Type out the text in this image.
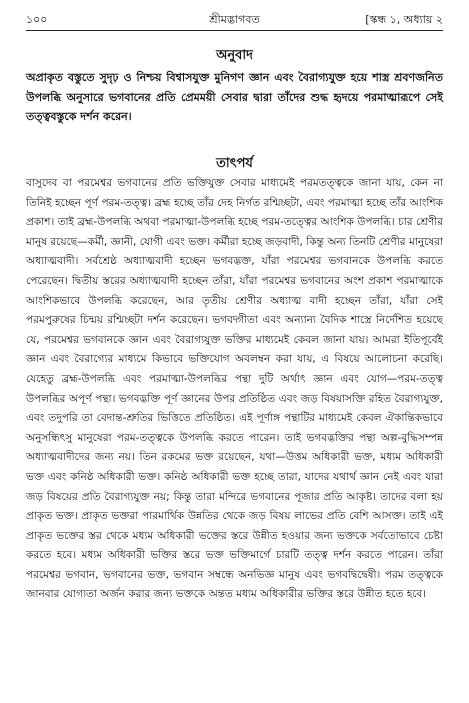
১০০	শ্রীমদ্ভাগবত	[স্কন্ধ ১, অধ্যায় ২
অনুবাদ
অপ্রাকৃত বস্তুতে সুদৃঢ় ও নিশ্চয় বিশ্বাসযুক্ত মুনিগণ জ্ঞান এবং বৈরাগ্যযুক্ত হয়ে শাস্ত্র শ্রবণজনিত উপলব্ধি অনুসারে ভগবানের প্রতি প্রেমময়ী সেবার দ্বারা তাঁদের শুদ্ধ হৃদয়ে পরমাত্মারূপে সেই তত্ত্ববস্তুকে দর্শন করেন।
তাৎপর্য

বাসুদেব বা পরমেশ্বর ভগবানের প্রতি ভক্তিযুক্ত সেবার মাধ্যমেই পরমতত্ত্বকে জানা যায়, কেন না তিনিই হচ্ছেন পূর্ণ পরম-তত্ত্ব। ব্রহ্ম হচ্ছে তাঁর দেহ নির্গত রশ্মিচ্ছটা, এবং পরমাত্মা হচ্ছে তাঁর আংশিক প্রকাশ। তাই ব্রহ্ম-উপলব্ধি অথবা পরমাত্মা-উপলব্ধি হচ্ছে পরম-তত্ত্বের আংশিক উপলব্ধি। চার শ্রেণীর মানুষ রয়েছে—কর্মী, জ্ঞানী, যোগী এবং ভক্ত। কর্মীরা হচ্ছে জড়বাদী, কিন্তু অন্য তিনটি শ্রেণীর মানুষেরা অধ্যাত্মবাদী। সর্বশ্রেষ্ঠ অধ্যাত্মবাদী হচ্ছেন ভগবদ্ভক্ত, যাঁরা পরমেশ্বর ভগবানকে উপলব্ধি করতে পেরেছেন। দ্বিতীয় স্তরের অধ্যাত্মবাদী হচ্ছেন তাঁরা, যাঁরা পরমেশ্বর ভগবানের অংশ প্রকাশ পরমাত্মাকে আংশিকভাবে উপলব্ধি করেছেন, আর তৃতীয় শ্রেণীর অধ্যাত্ম বাদী হচ্ছেন তাঁরা, যাঁরা সেই পরমপুরুষের চিন্ময় রশ্মিচ্ছটা দর্শন করেছেন। ভগবদ্গীতা এবং অন্যান্য বৈদিক শাস্ত্রে নির্দেশিত হয়েছে যে, পরমেশ্বর ভগবানকে জ্ঞান এবং বৈরাগ্যযুক্ত ভক্তির মাধ্যমেই কেবল জানা যায়। আমরা ইতিপূর্বেই জ্ঞান এবং বৈরাগ্যের মাধ্যমে কিভাবে ভক্তিযোগ অবলম্বন করা যায়, এ বিষয়ে আলোচনা করেছি। যেহেতু ব্রহ্ম-উপলব্ধি এবং পরমাত্মা-উপলব্ধির পন্থা দুটি অর্থাৎ জ্ঞান এবং যোগ—পরম-তত্ত্ব উপলব্ধির অপূর্ণ পন্থা। ভগবদ্ভক্তি পূর্ণ জ্ঞানের উপর প্রতিষ্ঠিত এবং জড় বিষয়াসক্তি রহিত বৈরাগ্যযুক্ত, এবং তদুপরি তা বেদান্ত-শ্রুতির ভিত্তিতে প্রতিষ্ঠিত। এই পূর্ণাঙ্গ পন্থাটির মাধ্যমেই কেবল ঐকান্তিকভাবে অনুসন্ধিৎসু মানুষেরা পরম-তত্ত্বকে উপলব্ধি করতে পারেন। তাই ভগবদ্ভক্তির পন্থা অল্প-বুদ্ধিসম্পন্ন অধ্যাত্মবাদীদের জন্য নয়। তিন রকমের ভক্ত রয়েছেন, যথা—উত্তম অধিকারী ভক্ত, মধ্যম অধিকারী ভক্ত এবং কনিষ্ঠ অধিকারী ভক্ত। কনিষ্ঠ অধিকারী ভক্ত হচ্ছে তারা, যাদের যথার্থ জ্ঞান নেই এবং যারা জড় বিষয়ের প্রতি বৈরাগ্যযুক্ত নয়; কিন্তু তারা মন্দিরে ভগবানের পূজার প্রতি আকৃষ্ট। তাদের বলা হয় প্রাকৃত ভক্ত। প্রাকৃত ভক্তরা পারমার্থিক উন্নতির থেকে জড় বিষয় লাভের প্রতি বেশি আসক্ত। তাই এই প্রাকৃত ভক্তের স্তর থেকে মধ্যম অধিকারী ভক্তের স্তরে উন্নীত হওয়ার জন্য ভক্তকে সর্বতোভাবে চেষ্টা করতে হবে। মধ্যম অধিকারী ভক্তির স্তরে ভক্ত ভক্তিমার্গে চারটি তত্ত্ব দর্শন করতে পারেন। তাঁরা পরমেশ্বর ভগবান, ভগবানের ভক্ত, ভগবান সম্বন্ধে অনভিজ্ঞ মানুষ এবং ভগবদ্বিদ্বেষী। পরম তত্ত্বকে জানবার যোগ্যতা অর্জন করার জন্য ভক্তকে অন্তত মধ্যম অধিকারীর ভক্তির স্তরে উন্নীত হতে হবে।
